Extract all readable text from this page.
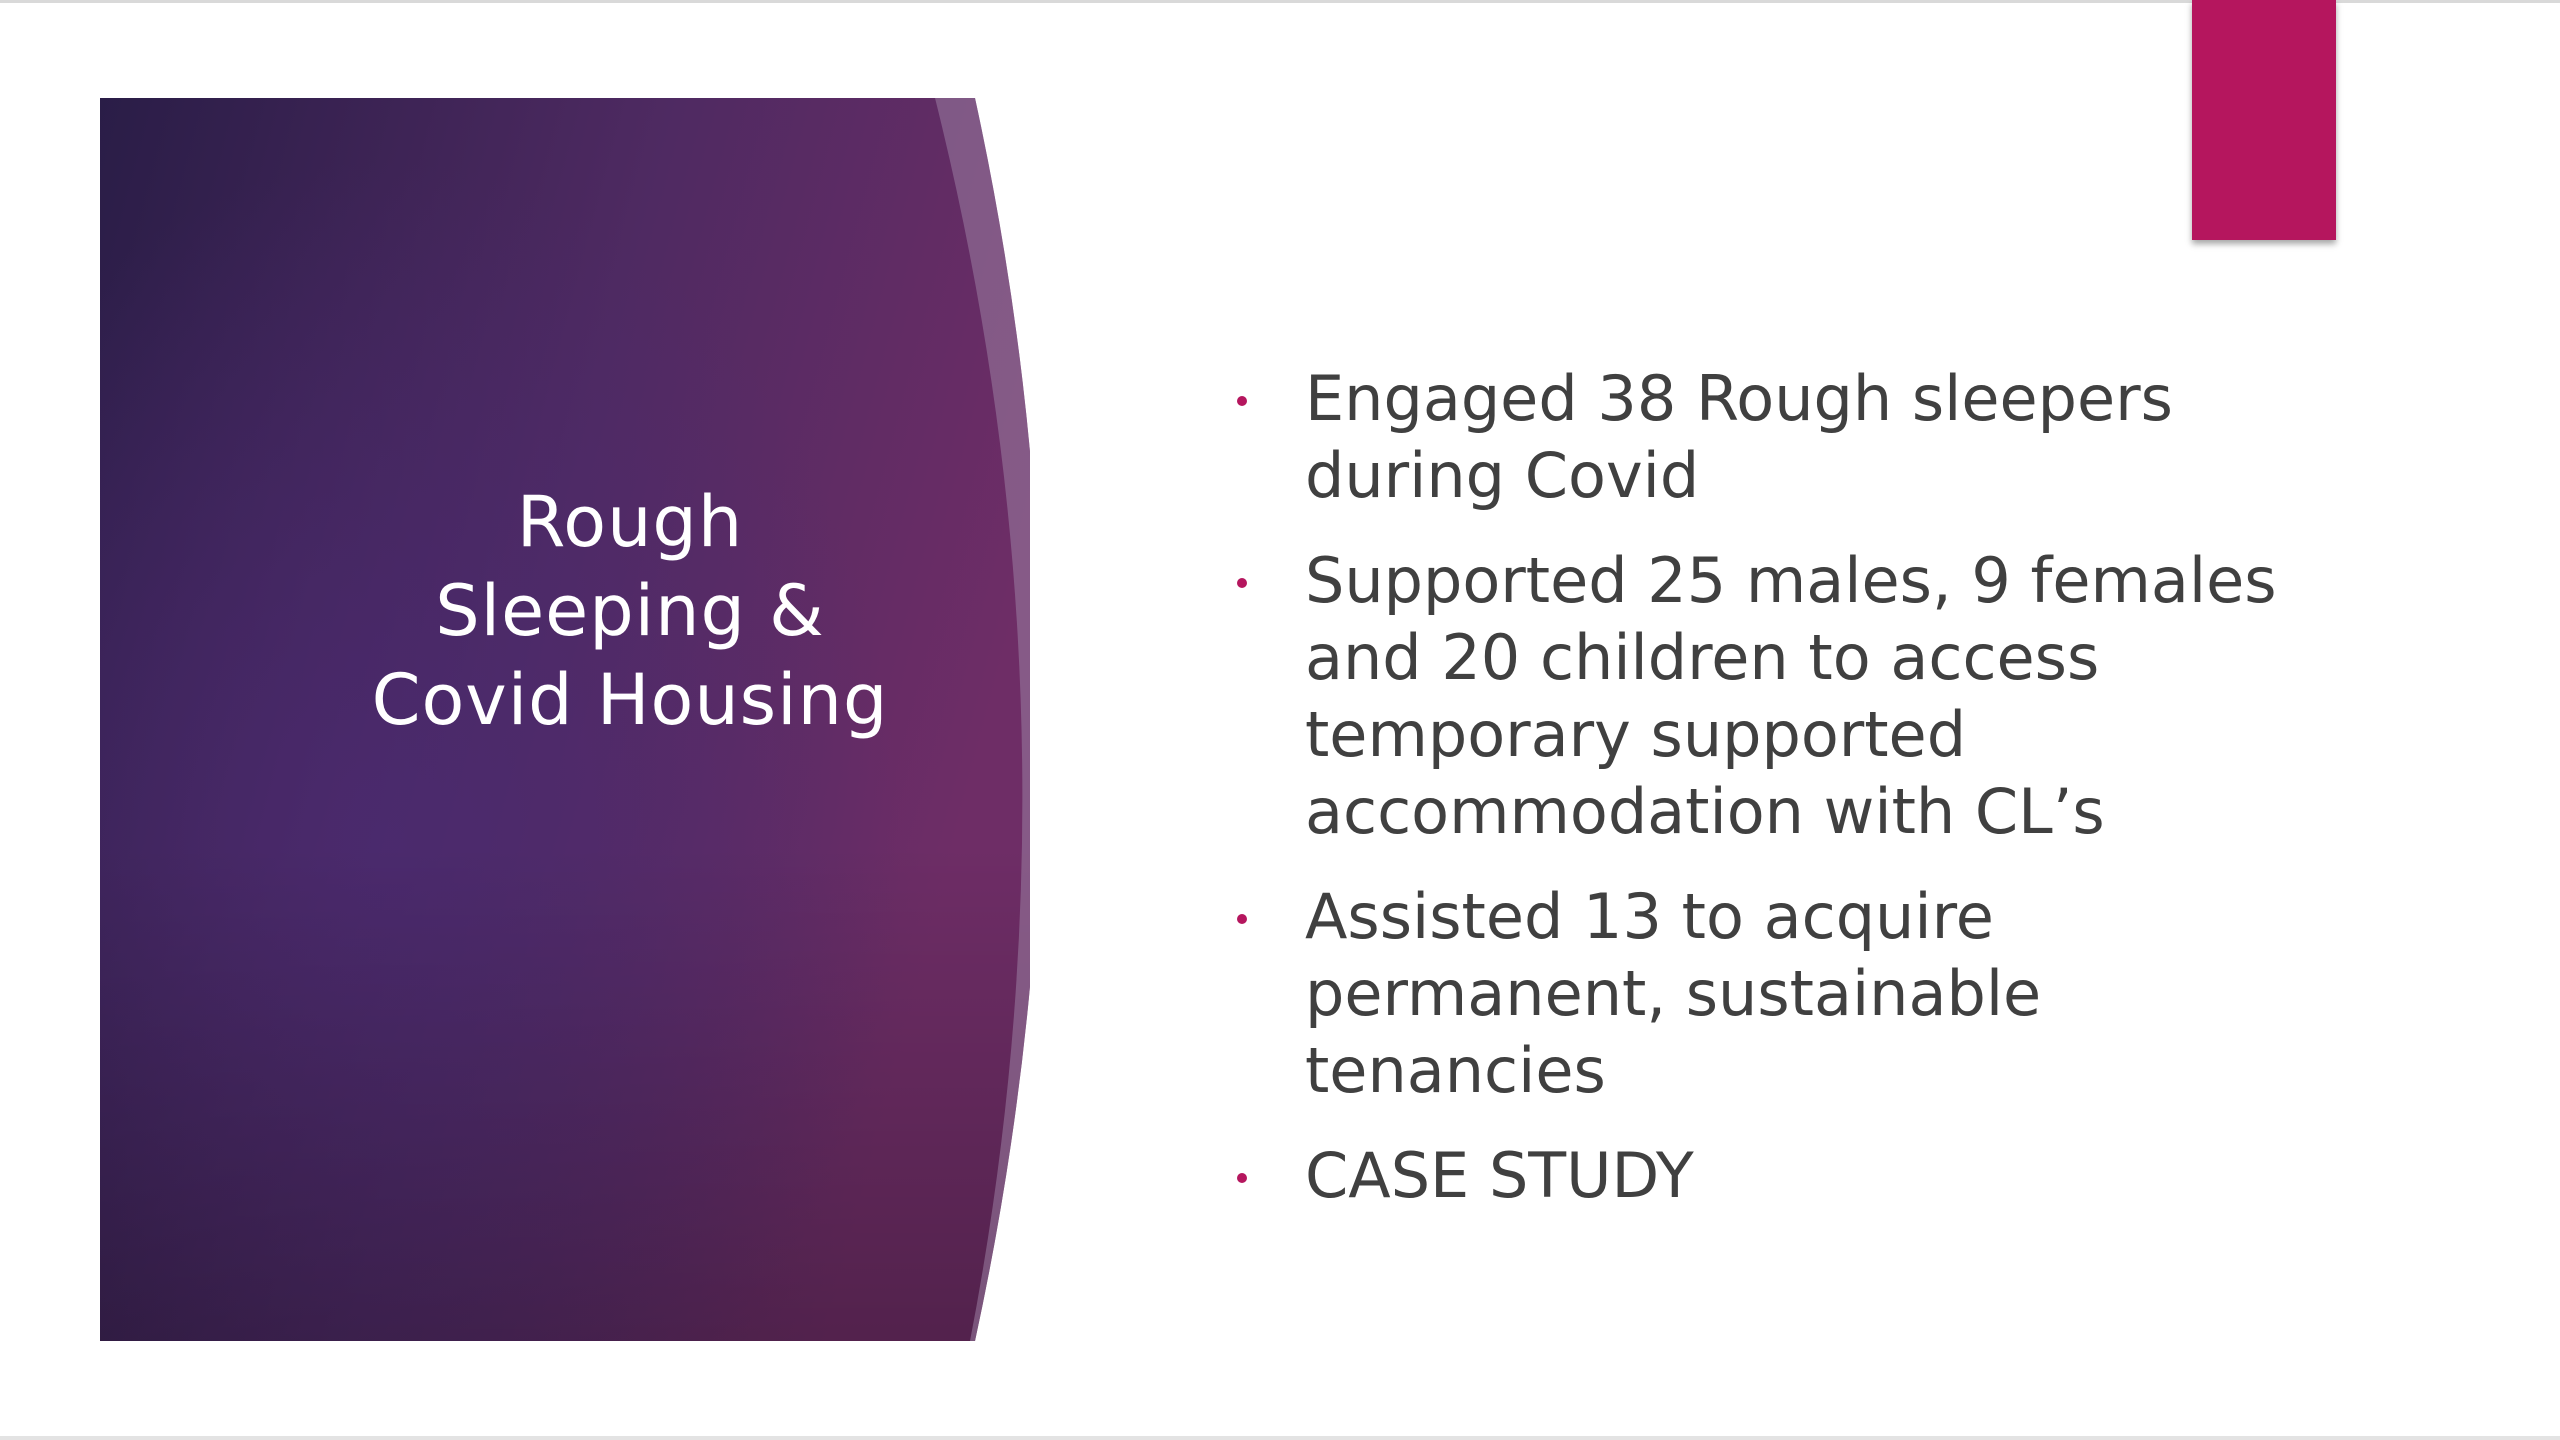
Rough
Sleeping &
Covid Housing
Engaged 38 Rough sleepers during Covid
Supported 25 males, 9 females and 20 children to access temporary supported accommodation with CL’s
Assisted 13 to acquire permanent, sustainable tenancies
CASE STUDY
